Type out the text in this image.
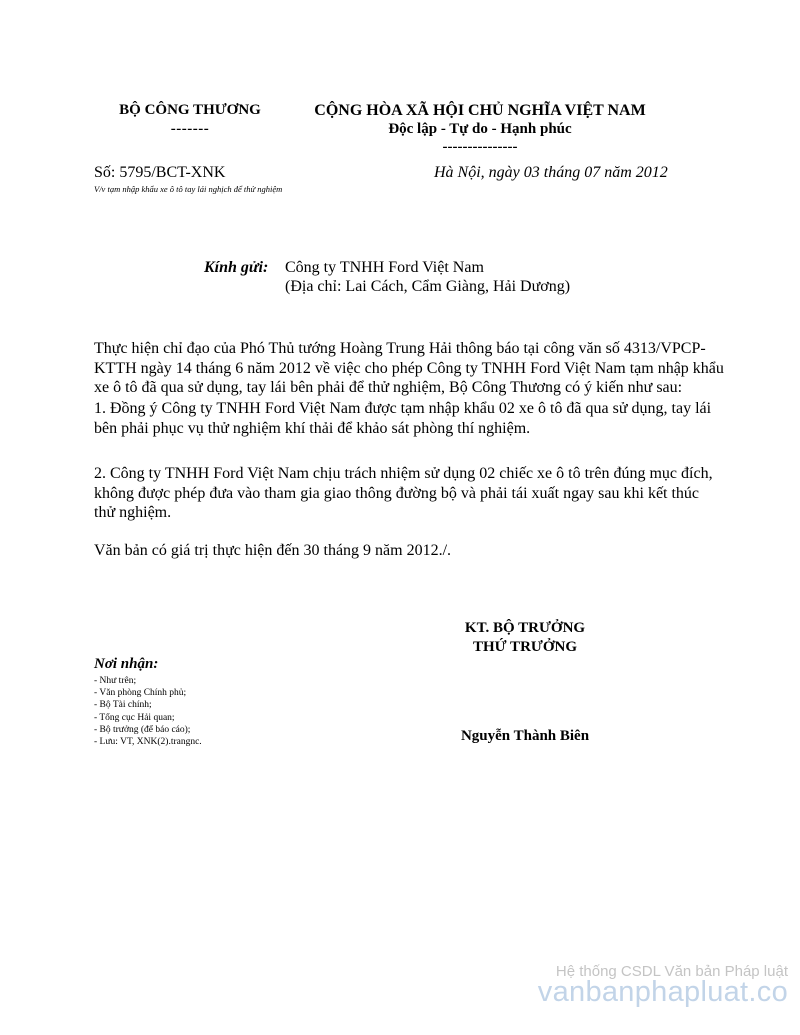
BỘ CÔNG THƯƠNG
-------
CỘNG HÒA XÃ HỘI CHỦ NGHĨA VIỆT NAM
Độc lập - Tự do - Hạnh phúc
---------------
Số: 5795/BCT-XNK
V/v tạm nhập khẩu xe ô tô tay lái nghịch để thử nghiệm
Hà Nội, ngày 03 tháng 07 năm 2012
Kính gửi: Công ty TNHH Ford Việt Nam
(Địa chỉ: Lai Cách, Cẩm Giàng, Hải Dương)
Thực hiện chỉ đạo của Phó Thủ tướng Hoàng Trung Hải thông báo tại công văn số 4313/VPCP-KTTH ngày 14 tháng 6 năm 2012 về việc cho phép Công ty TNHH Ford Việt Nam tạm nhập khẩu xe ô tô đã qua sử dụng, tay lái bên phải để thử nghiệm, Bộ Công Thương có ý kiến như sau:
1. Đồng ý Công ty TNHH Ford Việt Nam được tạm nhập khẩu 02 xe ô tô đã qua sử dụng, tay lái bên phải phục vụ thử nghiệm khí thải để khảo sát phòng thí nghiệm.
2. Công ty TNHH Ford Việt Nam chịu trách nhiệm sử dụng 02 chiếc xe ô tô trên đúng mục đích, không được phép đưa vào tham gia giao thông đường bộ và phải tái xuất ngay sau khi kết thúc thử nghiệm.
Văn bản có giá trị thực hiện đến 30 tháng 9 năm 2012./.
KT. BỘ TRƯỞNG
THỨ TRƯỞNG
Nguyễn Thành Biên
Nơi nhận:
- Như trên;
- Văn phòng Chính phủ;
- Bộ Tài chính;
- Tổng cục Hải quan;
- Bộ trưởng (để báo cáo);
- Lưu: VT, XNK(2).trangnc.
Hệ thống CSDL Văn bản Pháp luật
vanbanphapluat.co
